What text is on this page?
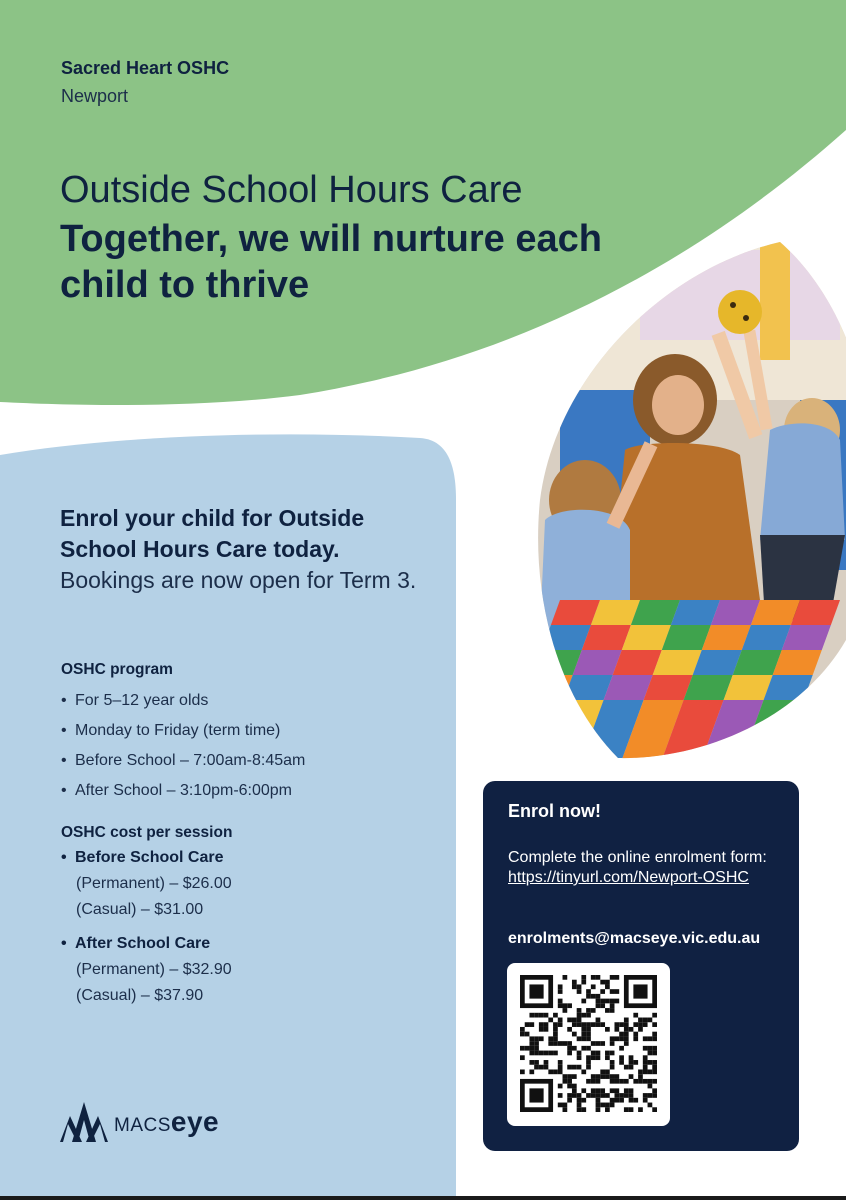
Sacred Heart OSHC
Newport
Outside School Hours Care
Together, we will nurture each child to thrive
Enrol your child for Outside School Hours Care today.
Bookings are now open for Term 3.
OSHC program
• For 5–12 year olds
• Monday to Friday (term time)
• Before School – 7:00am-8:45am
• After School – 3:10pm-6:00pm
OSHC cost per session
• Before School Care
(Permanent) – $26.00
(Casual) – $31.00
• After School Care
(Permanent) – $32.90
(Casual) – $37.90
Enrol now!
Complete the online enrolment form: https://tinyurl.com/Newport-OSHC
enrolments@macseye.vic.edu.au
MACSeye
